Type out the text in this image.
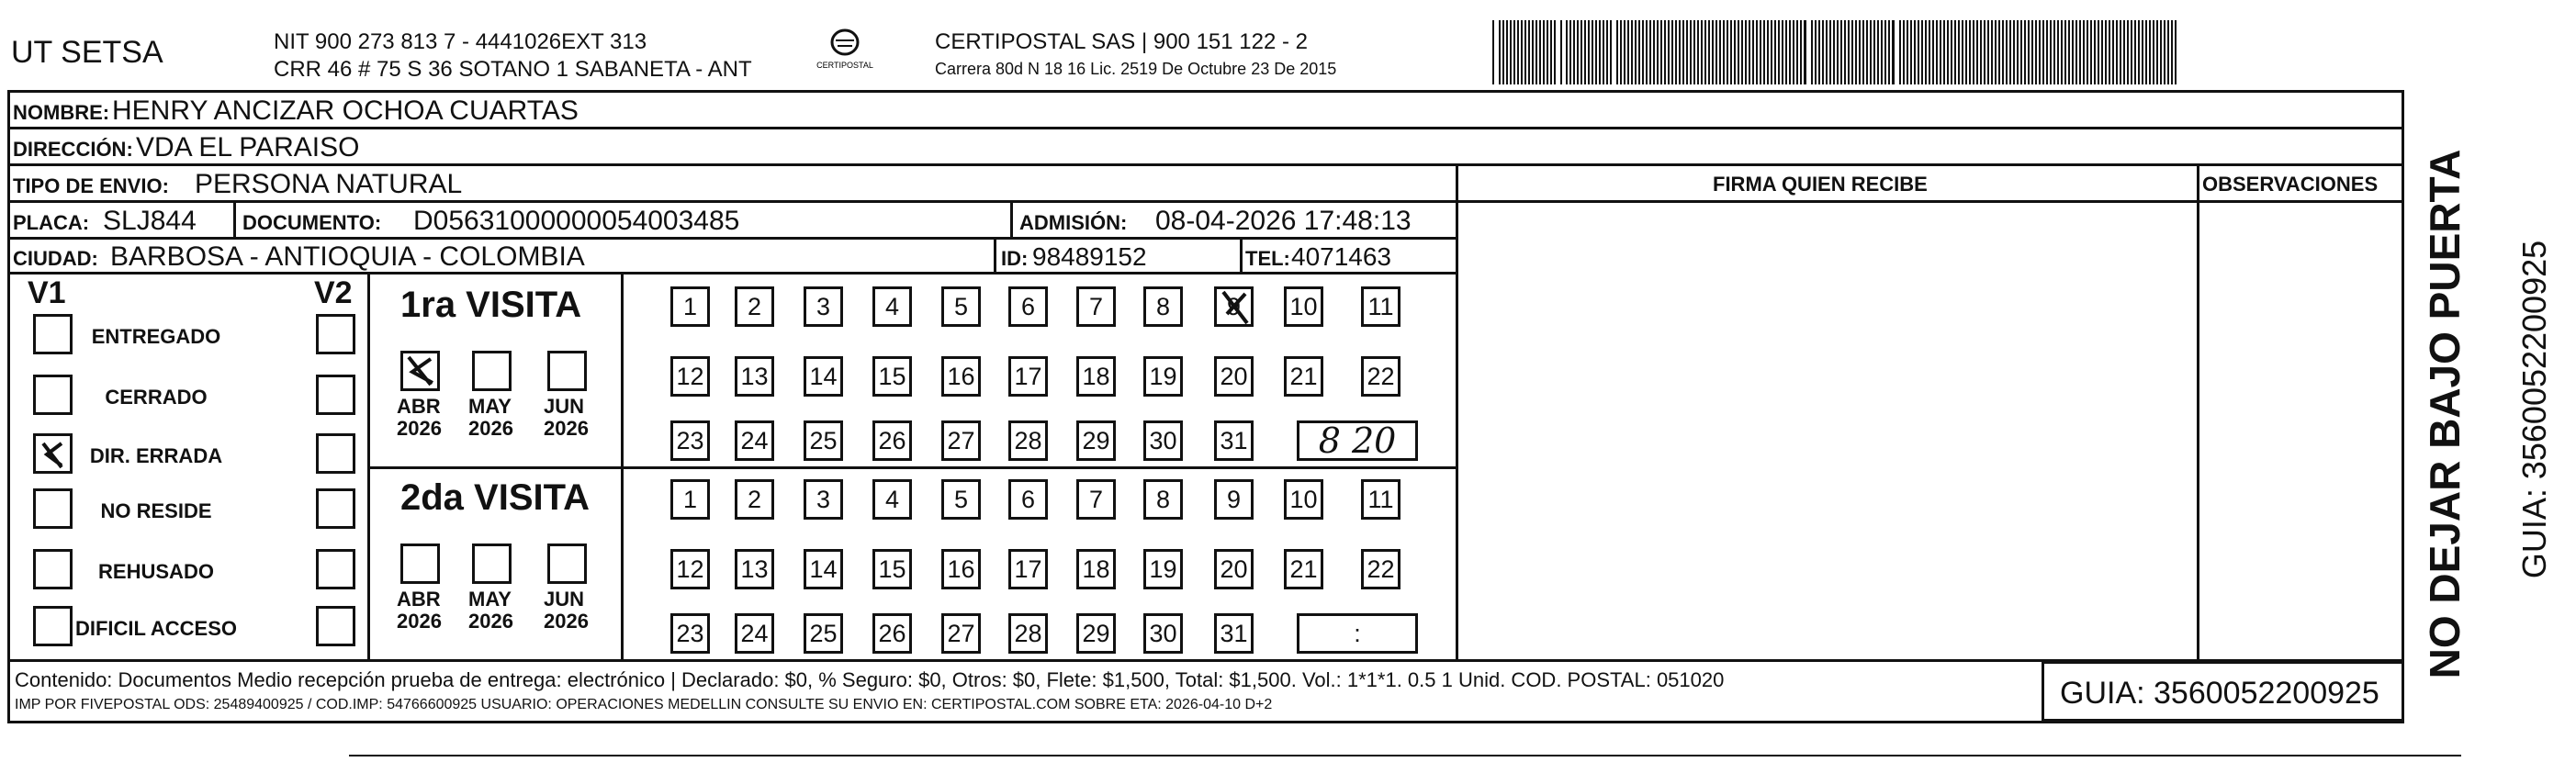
UT SETSA	NIT 900 273 813 7 - 4441026EXT 313
CRR 46 # 75 S 36 SOTANO 1 SABANETA - ANT	CERTIPOSTAL
CERTIPOSTAL SAS | 900 151 122 - 2
Carrera 80d N 18 16 Lic. 2519 De Octubre 23 De 2015
NOMBRE: HENRY ANCIZAR OCHOA CUARTAS
DIRECCIÓN: VDA EL PARAISO
TIPO DE ENVIO: PERSONA NATURAL	FIRMA QUIEN RECIBE	OBSERVACIONES
PLACA: SLJ844 DOCUMENTO: D05631000000054003485	ADMISIÓN: 08-04-2026 17:48:13
CIUDAD: BARBOSA - ANTIOQUIA - COLOMBIA	ID: 98489152	TEL: 4071463
V1	V2
ENTREGADO
CERRADO
DIR. ERRADA
NO RESIDE
REHUSADO
DIFICIL ACCESO
1ra VISITA
2da VISITA
1	2	3	4	5	6	7	8	9	10 11
12 13 14 15 16 17 18 19 20 21 22
23 24 25 26 27 28 29 30 31	8 20
ABR
2026
MAY
2026
JUN
2026
1	2	3	4	5	6	7	8	9	10 11
12 13 14 15 16 17 18 19 20 21 22
23 24 25 26 27 28 29 30 31	:
ABR
2026
MAY
2026
JUN
2026	NO DEJAR BAJO PUERTA GUIA: 3560052200925
Contenido: Documentos Medio recepción prueba de entrega: electrónico | Declarado: $0, % Seguro: $0, Otros: $0, Flete: $1,500, Total: $1,500. Vol.: 1*1*1. 0.5 1 Unid. COD. POSTAL: 051020
IMP POR FIVEPOSTAL ODS: 25489400925 / COD.IMP: 54766600925 USUARIO: OPERACIONES MEDELLIN CONSULTE SU ENVIO EN: CERTIPOSTAL.COM SOBRE ETA: 2026-04-10 D+2	GUIA: 3560052200925
